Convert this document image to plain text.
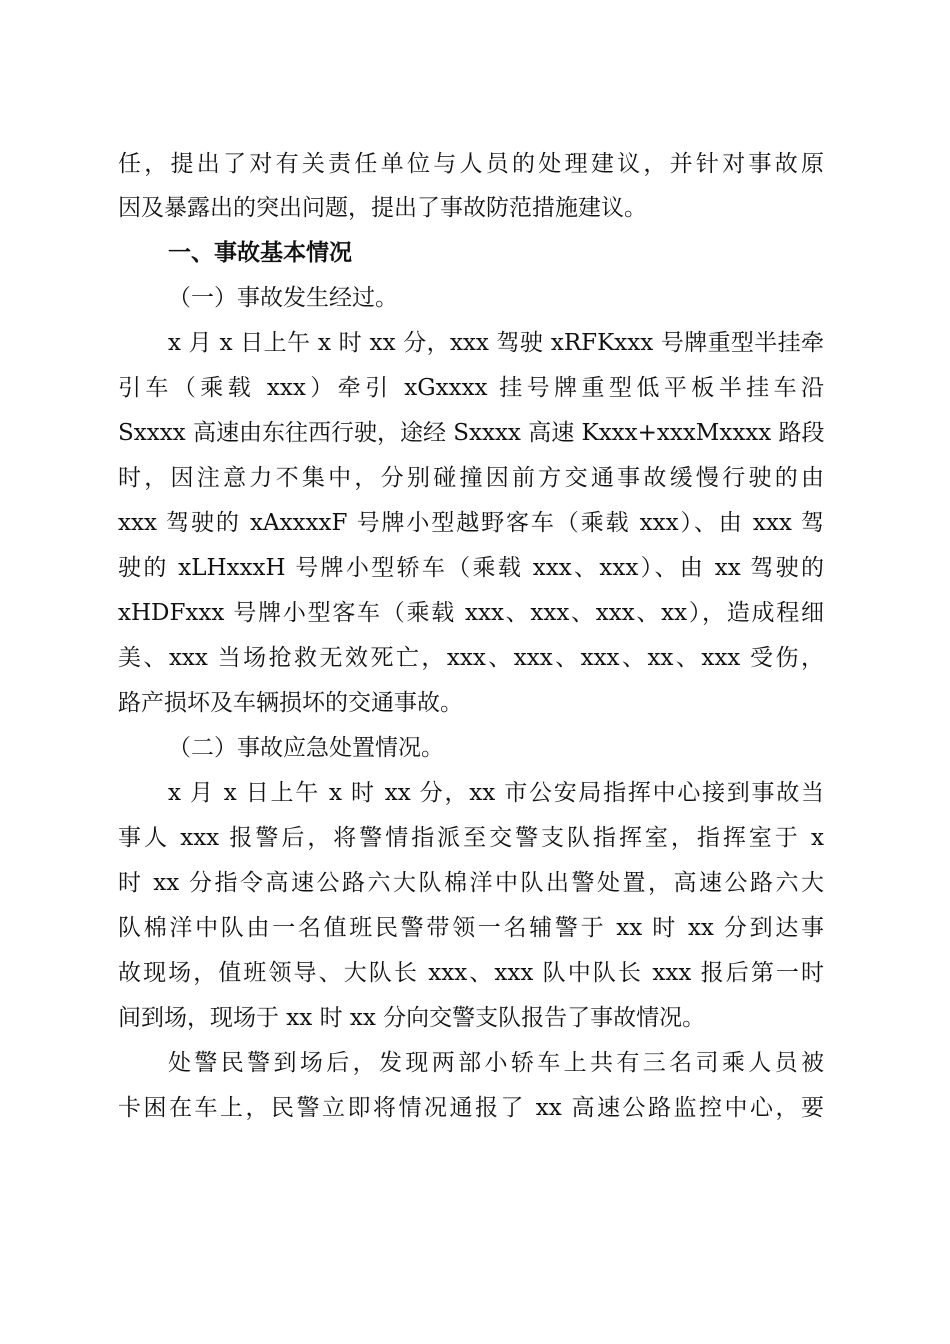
任，提出了对有关责任单位与人员的处理建议，并针对事故原
因及暴露出的突出问题，提出了事故防范措施建议。
一、事故基本情况
（一）事故发生经过。
x 月 x 日上午 x 时 xx 分，xxx 驾驶 xRFKxxx 号牌重型半挂牵
引车（乘载 xxx）牵引 xGxxxx 挂号牌重型低平板半挂车沿
Sxxxx 高速由东往西行驶，途经 Sxxxx 高速 Kxxx+xxxMxxxx 路段
时，因注意力不集中，分别碰撞因前方交通事故缓慢行驶的由
xxx 驾驶的 xAxxxxF 号牌小型越野客车（乘载 xxx）、由 xxx 驾
驶的 xLHxxxH 号牌小型轿车（乘载 xxx、xxx）、由 xx 驾驶的
xHDFxxx 号牌小型客车（乘载 xxx、xxx、xxx、xx），造成程细
美、xxx 当场抢救无效死亡，xxx、xxx、xxx、xx、xxx 受伤，
路产损坏及车辆损坏的交通事故。
（二）事故应急处置情况。
x 月 x 日上午 x 时 xx 分，xx 市公安局指挥中心接到事故当
事人 xxx 报警后，将警情指派至交警支队指挥室，指挥室于 x
时 xx 分指令高速公路六大队棉洋中队出警处置，高速公路六大
队棉洋中队由一名值班民警带领一名辅警于 xx 时 xx 分到达事
故现场，值班领导、大队长 xxx、xxx 队中队长 xxx 报后第一时
间到场，现场于 xx 时 xx 分向交警支队报告了事故情况。
处警民警到场后，发现两部小轿车上共有三名司乘人员被
卡困在车上，民警立即将情况通报了 xx 高速公路监控中心，要
